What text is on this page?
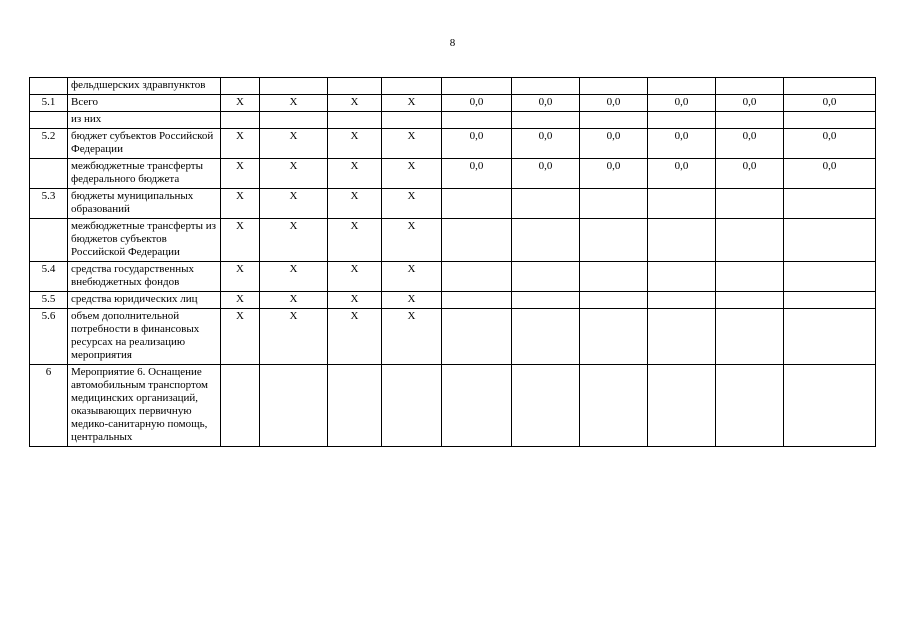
8
	фельдшерских здравпунктов										
5.1	Всего	X	X	X	X	0,0	0,0	0,0	0,0	0,0	0,0
	из них										
5.2	бюджет субъектов Российской Федерации	X	X	X	X	0,0	0,0	0,0	0,0	0,0	0,0
	межбюджетные трансферты федерального бюджета	X	X	X	X	0,0	0,0	0,0	0,0	0,0	0,0
5.3	бюджеты муниципальных образований	X	X	X	X						
	межбюджетные трансферты из бюджетов субъектов Российской Федерации	X	X	X	X						
5.4	средства государственных внебюджетных фондов	X	X	X	X						
5.5	средства юридических лиц	X	X	X	X						
5.6	объем дополнительной потребности в финансовых ресурсах на реализацию мероприятия	X	X	X	X						
6	Мероприятие 6. Оснащение автомобильным транспортом медицинских организаций, оказывающих первичную медико-санитарную помощь, центральных										
